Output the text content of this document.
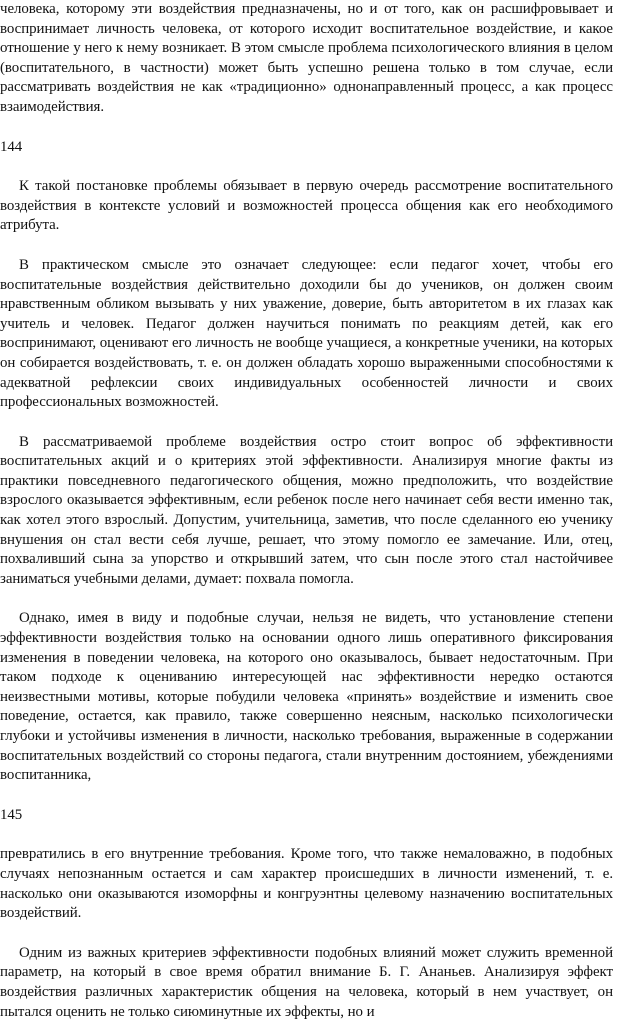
человека, которому эти воздействия предназначены, но и от того, как он расшифровывает и воспринимает личность человека, от которого исходит воспитательное воздействие, и какое отношение у него к нему возникает. В этом смысле проблема психологического влияния в целом (воспитательного, в частности) может быть успешно решена только в том случае, если рассматривать воздействия не как «традиционно» однонаправленный процесс, а как процесс взаимодействия.

144

К такой постановке проблемы обязывает в первую очередь рассмотрение воспитательного воздействия в контексте условий и возможностей процесса общения как его необходимого атрибута.

В практическом смысле это означает следующее: если педагог хочет, чтобы его воспитательные воздействия действительно доходили бы до учеников, он должен своим нравственным обликом вызывать у них уважение, доверие, быть авторитетом в их глазах как учитель и человек. Педагог должен научиться понимать по реакциям детей, как его воспринимают, оценивают его личность не вообще учащиеся, а конкретные ученики, на которых он собирается воздействовать, т. е. он должен обладать хорошо выраженными способностями к адекватной рефлексии своих индивидуальных особенностей личности и своих профессиональных возможностей.

В рассматриваемой проблеме воздействия остро стоит вопрос об эффективности воспитательных акций и о критериях этой эффективности. Анализируя многие факты из практики повседневного педагогического общения, можно предположить, что воздействие взрослого оказывается эффективным, если ребенок после него начинает себя вести именно так, как хотел этого взрослый. Допустим, учительница, заметив, что после сделанного ею ученику внушения он стал вести себя лучше, решает, что этому помогло ее замечание. Или, отец, похваливший сына за упорство и открывший затем, что сын после этого стал настойчивее заниматься учебными делами, думает: похвала помогла.

Однако, имея в виду и подобные случаи, нельзя не видеть, что установление степени эффективности воздействия только на основании одного лишь оперативного фиксирования изменения в поведении человека, на которого оно оказывалось, бывает недостаточным. При таком подходе к оцениванию интересующей нас эффективности нередко остаются неизвестными мотивы, которые побудили человека «принять» воздействие и изменить свое поведение, остается, как правило, также совершенно неясным, насколько психологически глубоки и устойчивы изменения в личности, насколько требования, выраженные в содержании воспитательных воздействий со стороны педагога, стали внутренним достоянием, убеждениями воспитанника,

145

превратились в его внутренние требования. Кроме того, что также немаловажно, в подобных случаях непознанным остается и сам характер происшедших в личности изменений, т. е. насколько они оказываются изоморфны и конгруэнтны целевому назначению воспитательных воздействий.

Одним из важных критериев эффективности подобных влияний может служить временной параметр, на который в свое время обратил внимание Б. Г. Ананьев. Анализируя эффект воздействия различных характеристик общения на человека, который в нем участвует, он пытался оценить не только сиюминутные их эффекты, но и
